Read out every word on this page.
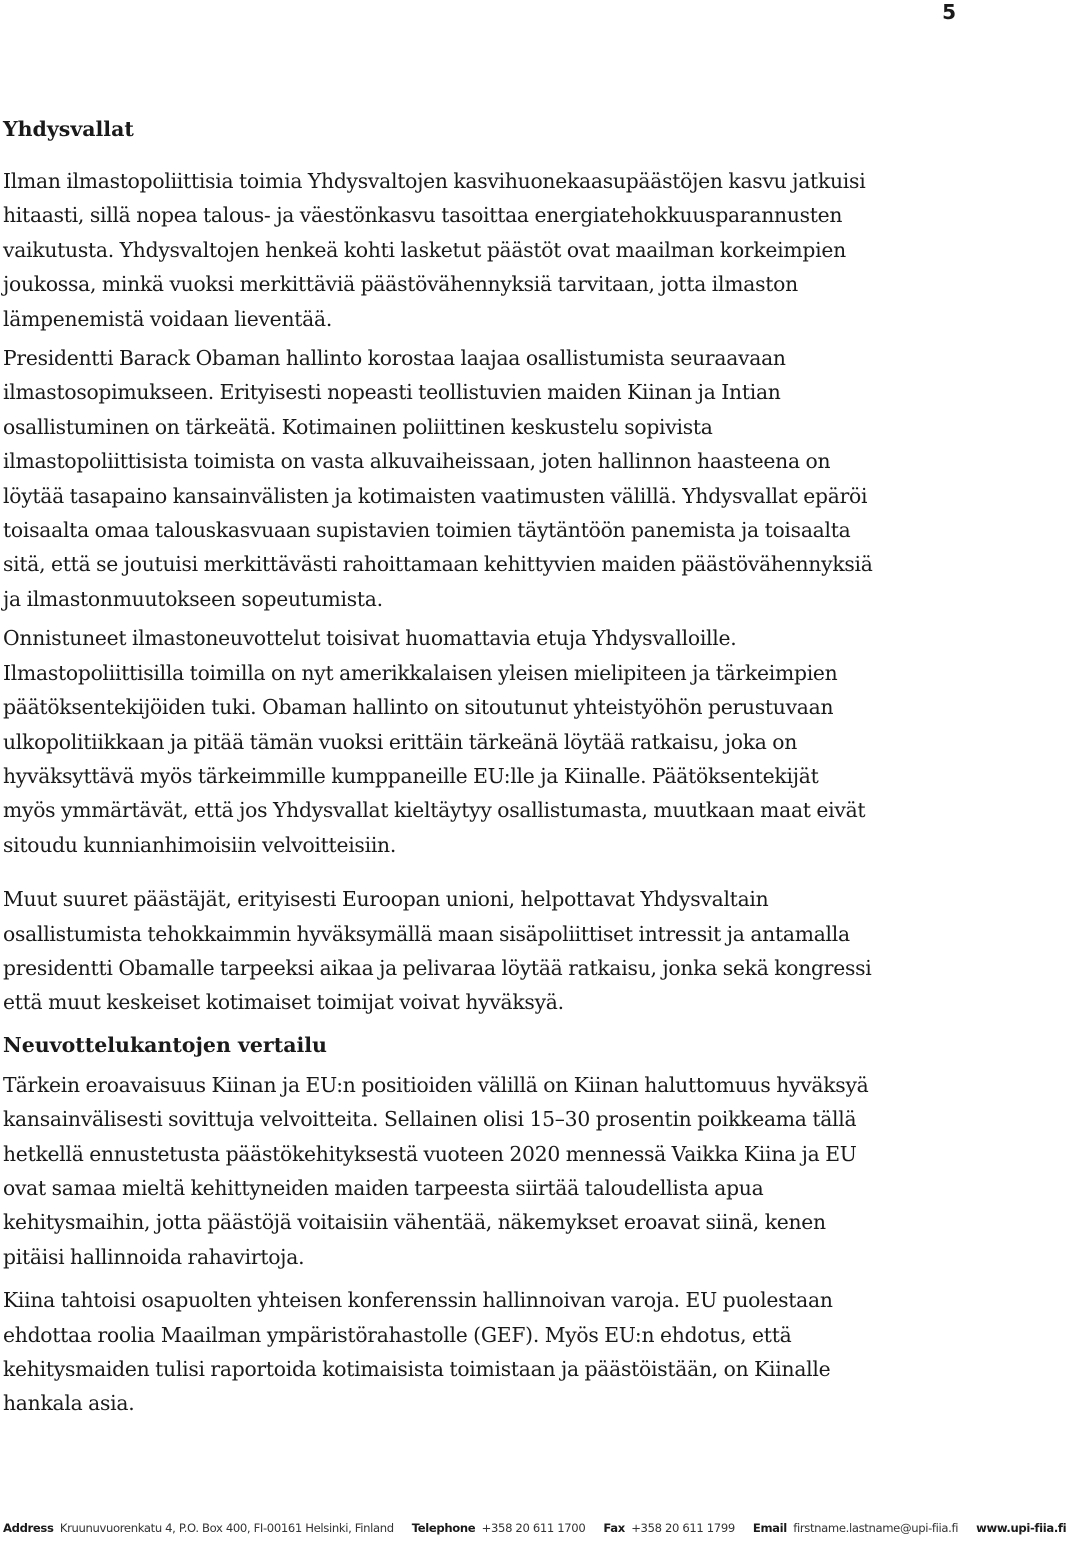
5
Yhdysvallat

Ilman ilmastopoliittisia toimia Yhdysvaltojen kasvihuonekaasupäästöjen kasvu jatkuisi

hitaasti, sillä nopea talous- ja väestönkasvu tasoittaa energiatehokkuusparannusten

vaikutusta. Yhdysvaltojen henkeä kohti lasketut päästöt ovat maailman korkeimpien

joukossa, minkä vuoksi merkittäviä päästövähennyksiä tarvitaan, jotta ilmaston

lämpenemistä voidaan lieventää.

Presidentti Barack Obaman hallinto korostaa laajaa osallistumista seuraavaan

ilmastosopimukseen. Erityisesti nopeasti teollistuvien maiden Kiinan ja Intian

osallistuminen on tärkeätä. Kotimainen poliittinen keskustelu sopivista

ilmastopoliittisista toimista on vasta alkuvaiheissaan, joten hallinnon haasteena on

löytää tasapaino kansainvälisten ja kotimaisten vaatimusten välillä. Yhdysvallat epäröi

toisaalta omaa talouskasvuaan supistavien toimien täytäntöön panemista ja toisaalta

sitä, että se joutuisi merkittävästi rahoittamaan kehittyvien maiden päästövähennyksiä

ja ilmastonmuutokseen sopeutumista.

Onnistuneet ilmastoneuvottelut toisivat huomattavia etuja Yhdysvalloille.

Ilmastopoliittisilla toimilla on nyt amerikkalaisen yleisen mielipiteen ja tärkeimpien

päätöksentekijöiden tuki. Obaman hallinto on sitoutunut yhteistyöhön perustuvaan

ulkopolitiikkaan ja pitää tämän vuoksi erittäin tärkeänä löytää ratkaisu, joka on

hyväksyttävä myös tärkeimmille kumppaneille EU:lle ja Kiinalle. Päätöksentekijät

myös ymmärtävät, että jos Yhdysvallat kieltäytyy osallistumasta, muutkaan maat eivät

sitoudu kunnianhimoisiin velvoitteisiin.

Muut suuret päästäjät, erityisesti Euroopan unioni, helpottavat Yhdysvaltain

osallistumista tehokkaimmin hyväksymällä maan sisäpoliittiset intressit ja antamalla

presidentti Obamalle tarpeeksi aikaa ja pelivaraa löytää ratkaisu, jonka sekä kongressi

että muut keskeiset kotimaiset toimijat voivat hyväksyä.

Neuvottelukantojen vertailu

Tärkein eroavaisuus Kiinan ja EU:n positioiden välillä on Kiinan haluttomuus hyväksyä

kansainvälisesti sovittuja velvoitteita. Sellainen olisi 15–30 prosentin poikkeama tällä

hetkellä ennustetusta päästökehityksestä vuoteen 2020 mennessä Vaikka Kiina ja EU

ovat samaa mieltä kehittyneiden maiden tarpeesta siirtää taloudellista apua

kehitysmaihin, jotta päästöjä voitaisiin vähentää, näkemykset eroavat siinä, kenen

pitäisi hallinnoida rahavirtoja.

Kiina tahtoisi osapuolten yhteisen konferenssin hallinnoivan varoja. EU puolestaan

ehdottaa roolia Maailman ympäristörahastolle (GEF). Myös EU:n ehdotus, että

kehitysmaiden tulisi raportoida kotimaisista toimistaan ja päästöistään, on Kiinalle

hankala asia.

Address Kruunuvuorenkatu 4, P.O. Box 400, FI-00161 Helsinki, Finland Telephone +358 20 611 1700 Fax +358 20 611 1799 Email firstname.lastname@upi-fiia.fi www.upi-fiia.fi
